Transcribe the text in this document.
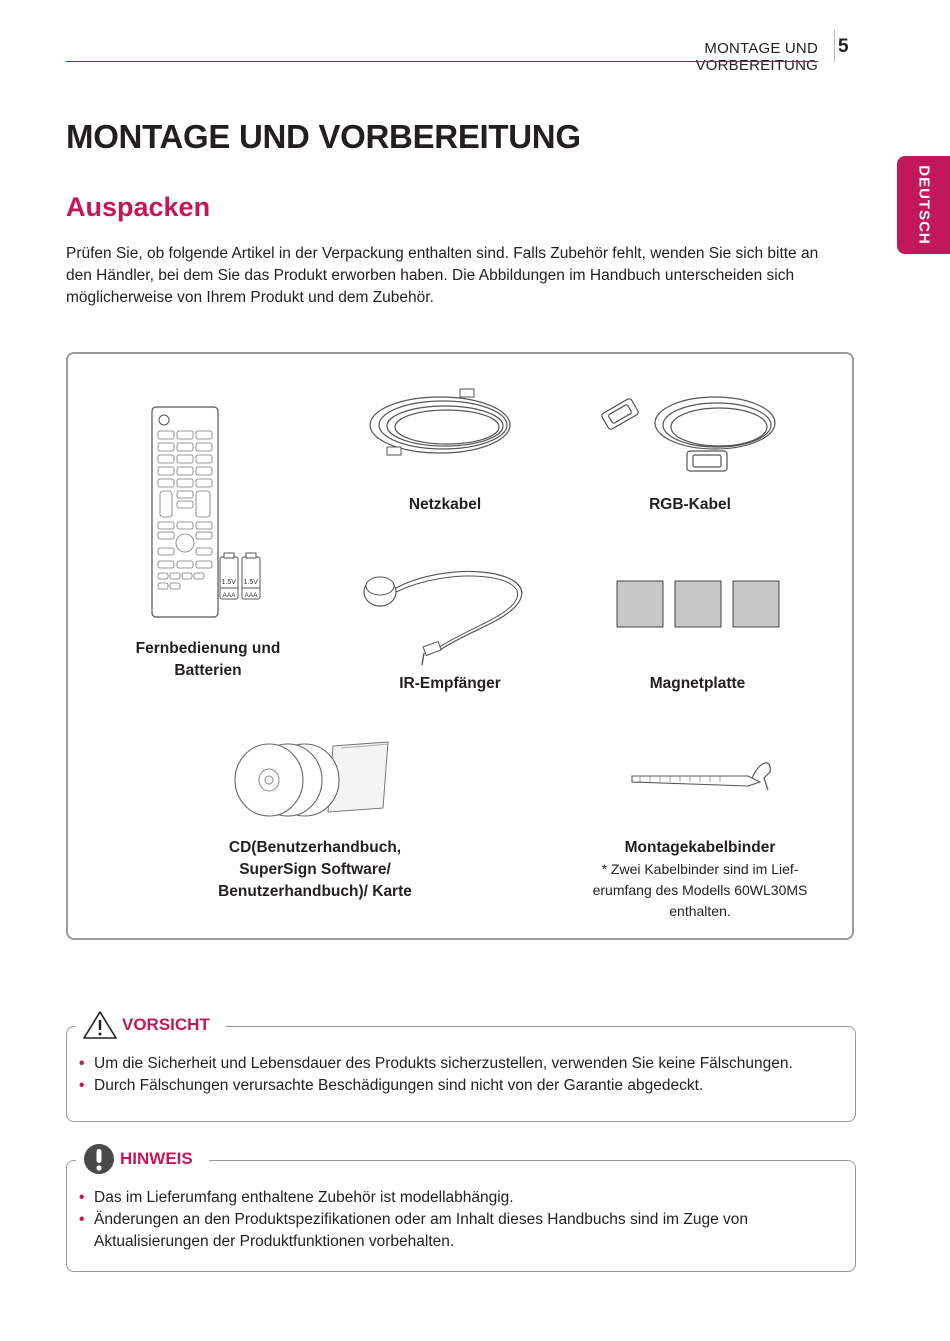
MONTAGE UND VORBEREITUNG
5
DEUTSCH
MONTAGE UND VORBEREITUNG
Auspacken
Prüfen Sie, ob folgende Artikel in der Verpackung enthalten sind. Falls Zubehör fehlt, wenden Sie sich bitte an den Händler, bei dem Sie das Produkt erworben haben. Die Abbildungen im Handbuch unterscheiden sich möglicherweise von Ihrem Produkt und dem Zubehör.
1.5V 1.5V
AAA AAA
Fernbedienung und
Batterien
Netzkabel	RGB-Kabel
IR-Empfänger	Magnetplatte
CD(Benutzerhandbuch,
SuperSign Software/
Benutzerhandbuch)/ Karte
Montagekabelbinder
* Zwei Kabelbinder sind im Lief-
erumfang des Modells 60WL30MS
enthalten.
• Um die Sicherheit und Lebensdauer des Produkts sicherzustellen, verwenden Sie keine Fälschungen.
• Durch Fälschungen verursachte Beschädigungen sind nicht von der Garantie abgedeckt.
VORSICHT
• Das im Lieferumfang enthaltene Zubehör ist modellabhängig.
• Änderungen an den Produktspezifikationen oder am Inhalt dieses Handbuchs sind im Zuge von Aktualisierungen der Produktfunktionen vorbehalten.
HINWEIS
